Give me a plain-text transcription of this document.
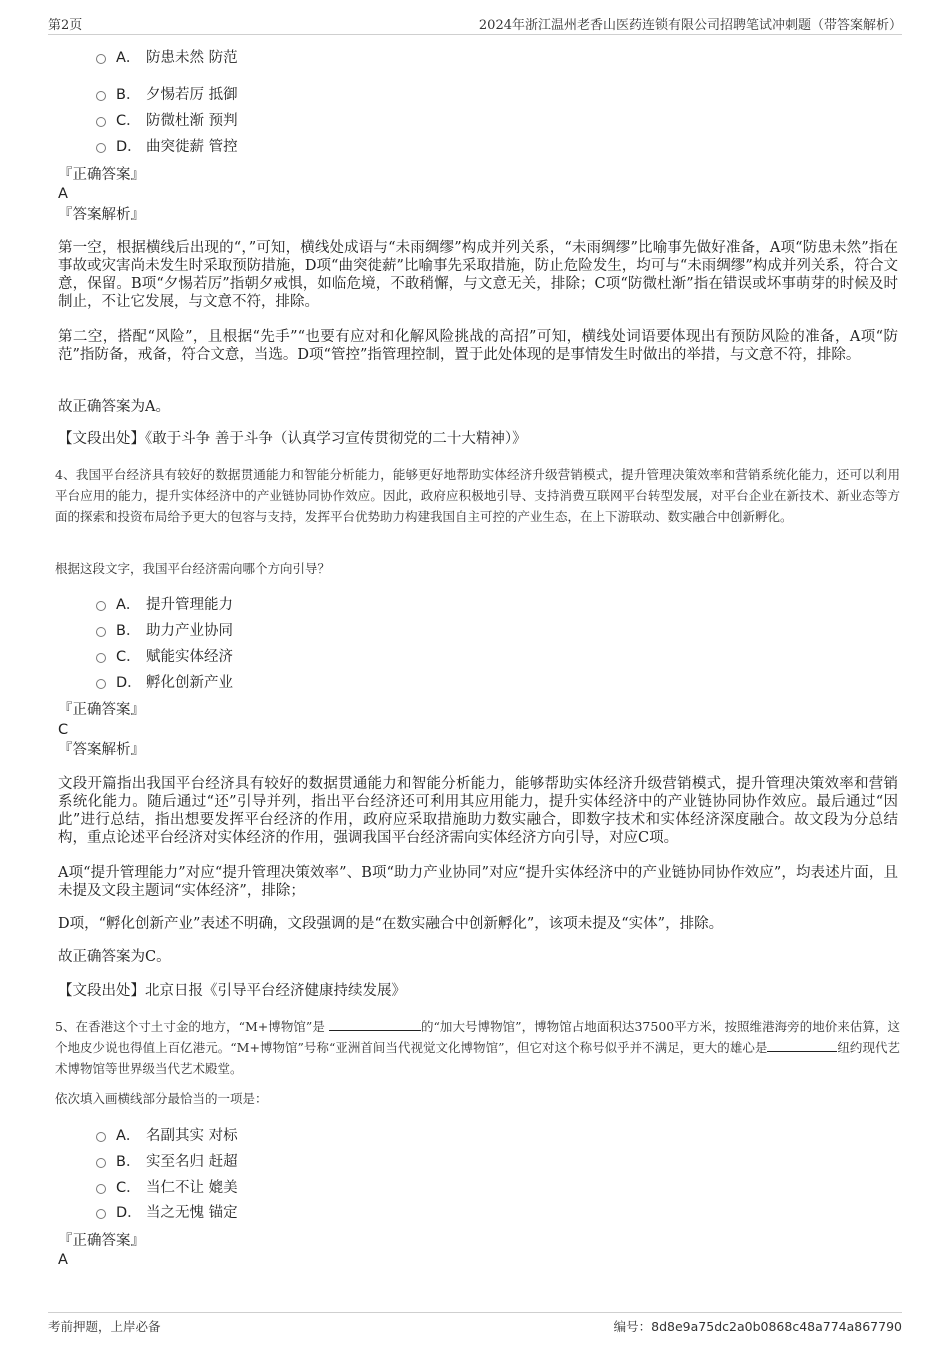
第2页	2024年浙江温州老香山医药连锁有限公司招聘笔试冲刺题（带答案解析）
A． 防患未然 防范
B． 夕惕若厉 抵御
C． 防微杜渐 预判
D． 曲突徙薪 管控
『正确答案』
A
『答案解析』
第一空，根据横线后出现的“，”可知，横线处成语与“未雨绸缪”构成并列关系，“未雨绸缪”比喻事先做好准备，A项“防患未然”指在事故或灾害尚未发生时采取预防措施，D项“曲突徙薪”比喻事先采取措施，防止危险发生，均可与“未雨绸缪”构成并列关系，符合文意，保留。B项“夕惕若厉”指朝夕戒惧，如临危境，不敢稍懈，与文意无关，排除；C项“防微杜渐”指在错误或坏事萌芽的时候及时制止，不让它发展，与文意不符，排除。
第二空，搭配“风险”，且根据“先手”“也要有应对和化解风险挑战的高招”可知，横线处词语要体现出有预防风险的准备，A项“防范”指防备，戒备，符合文意，当选。D项“管控”指管理控制，置于此处体现的是事情发生时做出的举措，与文意不符，排除。
故正确答案为A。
【文段出处】《敢于斗争 善于斗争（认真学习宣传贯彻党的二十大精神）》
4、我国平台经济具有较好的数据贯通能力和智能分析能力，能够更好地帮助实体经济升级营销模式，提升管理决策效率和营销系统化能力，还可以利用平台应用的能力，提升实体经济中的产业链协同协作效应。因此，政府应积极地引导、支持消费互联网平台转型发展，对平台企业在新技术、新业态等方面的探索和投资布局给予更大的包容与支持，发挥平台优势助力构建我国自主可控的产业生态，在上下游联动、数实融合中创新孵化。
根据这段文字，我国平台经济需向哪个方向引导？
A． 提升管理能力
B． 助力产业协同
C． 赋能实体经济
D． 孵化创新产业
『正确答案』
C
『答案解析』
文段开篇指出我国平台经济具有较好的数据贯通能力和智能分析能力，能够帮助实体经济升级营销模式，提升管理决策效率和营销系统化能力。随后通过“还”引导并列，指出平台经济还可利用其应用能力，提升实体经济中的产业链协同协作效应。最后通过“因此”进行总结，指出想要发挥平台经济的作用，政府应采取措施助力数实融合，即数字技术和实体经济深度融合。故文段为分总结构，重点论述平台经济对实体经济的作用，强调我国平台经济需向实体经济方向引导，对应C项。
A项“提升管理能力”对应“提升管理决策效率”、B项“助力产业协同”对应“提升实体经济中的产业链协同协作效应”，均表述片面，且未提及文段主题词“实体经济”，排除；
D项，“孵化创新产业”表述不明确，文段强调的是“在数实融合中创新孵化”，该项未提及“实体”，排除。
故正确答案为C。
【文段出处】北京日报《引导平台经济健康持续发展》
5、在香港这个寸土寸金的地方，“M+博物馆”是	的“加大号博物馆”，博物馆占地面积达37500平方米，按照维港海旁的地价来估算，这个地皮少说也得值上百亿港元。“M+博物馆”号称“亚洲首间当代视觉文化博物馆”，但它对这个称号似乎并不满足，更大的雄心是	纽约现代艺术博物馆等世界级当代艺术殿堂。
依次填入画横线部分最恰当的一项是：
A． 名副其实 对标
B． 实至名归 赶超
C． 当仁不让 媲美
D． 当之无愧 锚定
『正确答案』
A
考前押题，上岸必备	编号：8d8e9a75dc2a0b0868c48a774a867790
